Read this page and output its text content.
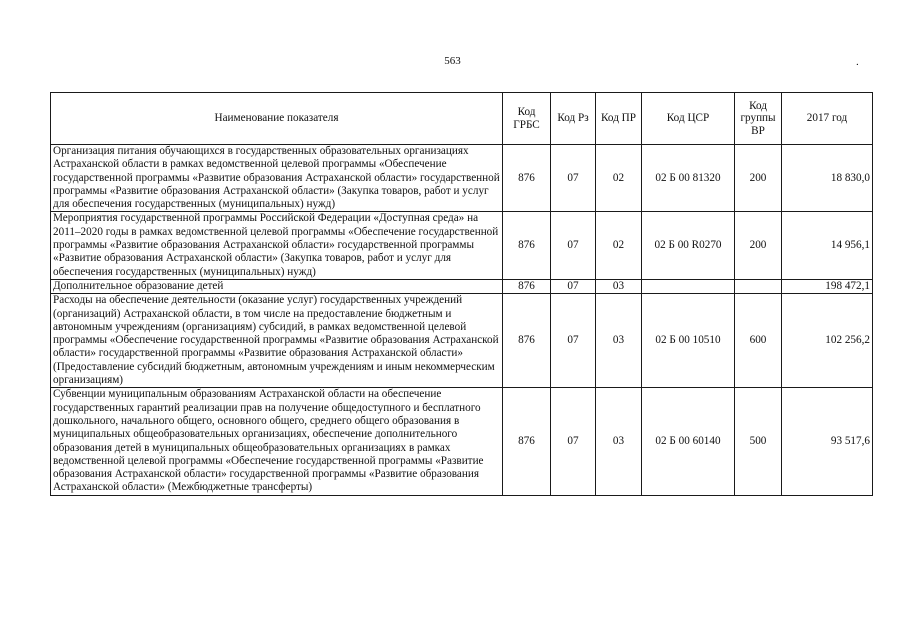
563	.
Наименование показателя	Код ГРБС	Код Рз	Код ПР	Код ЦСР	Код группы ВР	2017 год
Организация питания обучающихся в государственных образовательных организациях Астраханской области в рамках ведомственной целевой программы «Обеспечение государственной программы «Развитие образования Астраханской области» государственной программы «Развитие образования Астраханской области» (Закупка товаров, работ и услуг для обеспечения государственных (муниципальных) нужд)	876	07	02	02 Б 00 81320	200	18 830,0
Мероприятия государственной программы Российской Федерации «Доступная среда» на 2011–2020 годы в рамках ведомственной целевой программы «Обеспечение государственной программы «Развитие образования Астраханской области» государственной программы «Развитие образования Астраханской области» (Закупка товаров, работ и услуг для обеспечения государственных (муниципальных) нужд)	876	07	02	02 Б 00 R0270	200	14 956,1
Дополнительное образование детей	876	07	03			198 472,1
Расходы на обеспечение деятельности (оказание услуг) государственных учреждений (организаций) Астраханской области, в том числе на предоставление бюджетным и автономным учреждениям (организациям) субсидий, в рамках ведомственной целевой программы «Обеспечение государственной программы «Развитие образования Астраханской области» государственной программы «Развитие образования Астраханской области» (Предоставление субсидий бюджетным, автономным учреждениям и иным некоммерческим организациям)	876	07	03	02 Б 00 10510	600	102 256,2
Субвенции муниципальным образованиям Астраханской области на обеспечение государственных гарантий реализации прав на получение общедоступного и бесплатного дошкольного, начального общего, основного общего, среднего общего образования в муниципальных общеобразовательных организациях, обеспечение дополнительного образования детей в муниципальных общеобразовательных организациях в рамках ведомственной целевой программы «Обеспечение государственной программы «Развитие образования Астраханской области» государственной программы «Развитие образования Астраханской области» (Межбюджетные трансферты)	876	07	03	02 Б 00 60140	500	93 517,6
